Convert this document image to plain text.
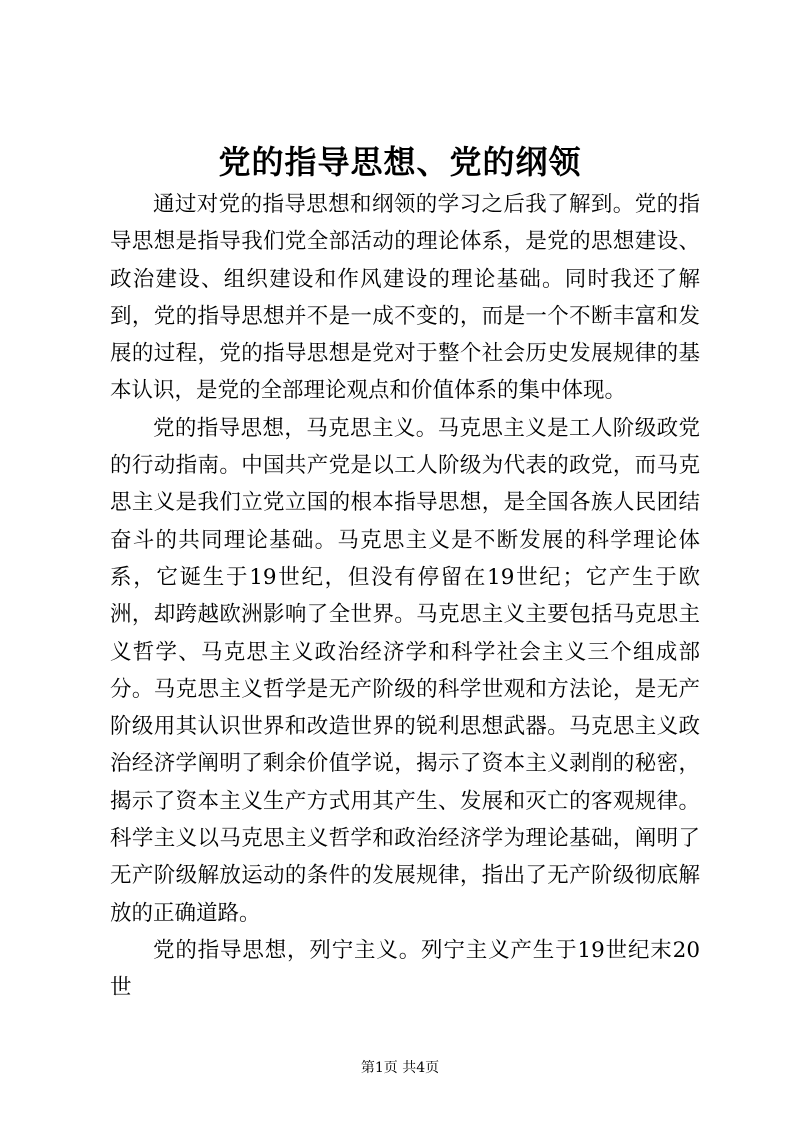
党的指导思想、党的纲领

通过对党的指导思想和纲领的学习之后我了解到。党的指导思想是指导我们党全部活动的理论体系，是党的思想建设、政治建设、组织建设和作风建设的理论基础。同时我还了解到，党的指导思想并不是一成不变的，而是一个不断丰富和发展的过程，党的指导思想是党对于整个社会历史发展规律的基本认识，是党的全部理论观点和价值体系的集中体现。

党的指导思想，马克思主义。马克思主义是工人阶级政党的行动指南。中国共产党是以工人阶级为代表的政党，而马克思主义是我们立党立国的根本指导思想，是全国各族人民团结奋斗的共同理论基础。马克思主义是不断发展的科学理论体系，它诞生于19世纪，但没有停留在19世纪；它产生于欧洲，却跨越欧洲影响了全世界。马克思主义主要包括马克思主义哲学、马克思主义政治经济学和科学社会主义三个组成部分。马克思主义哲学是无产阶级的科学世观和方法论，是无产阶级用其认识世界和改造世界的锐利思想武器。马克思主义政治经济学阐明了剩余价值学说，揭示了资本主义剥削的秘密，揭示了资本主义生产方式用其产生、发展和灭亡的客观规律。科学主义以马克思主义哲学和政治经济学为理论基础，阐明了无产阶级解放运动的条件的发展规律，指出了无产阶级彻底解放的正确道路。

党的指导思想，列宁主义。列宁主义产生于19世纪末20世

第1页 共4页
